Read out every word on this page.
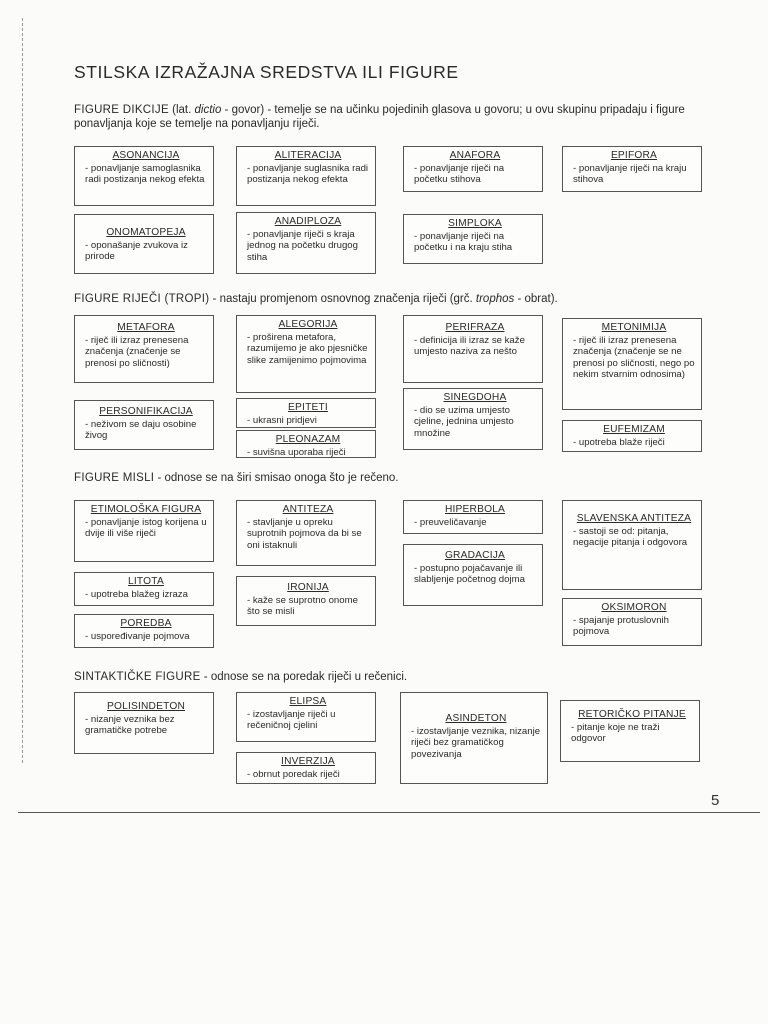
STILSKA IZRAŽAJNA SREDSTVA ILI FIGURE
FIGURE DIKCIJE (lat. dictio - govor) - temelje se na učinku pojedinih glasova u govoru; u ovu skupinu pripadaju i figure ponavljanja koje se temelje na ponavljanju riječi.
ASONANCIJA
- ponavljanje samoglasnika radi postizanja nekog efekta
ALITERACIJA
- ponavljanje suglasnika radi postizanja nekog efekta
ANAFORA
- ponavljanje riječi na početku stihova
EPIFORA
- ponavljanje riječi na kraju stihova
ONOMATOPEJA
- oponašanje zvukova iz prirode
ANADIPLOZA
- ponavljanje riječi s kraja jednog na početku drugog stiha
SIMPLOKA
- ponavljanje riječi na početku i na kraju stiha
FIGURE RIJEČI (TROPI) - nastaju promjenom osnovnog značenja riječi (grč. trophos - obrat).
METAFORA
- riječ ili izraz prenesena značenja (značenje se prenosi po sličnosti)
ALEGORIJA
- proširena metafora, razumijemo je ako pjesničke slike zamijenimo pojmovima
PERIFRAZA
- definicija ili izraz se kaže umjesto naziva za nešto
METONIMIJA
- riječ ili izraz prenesena značenja (značenje se ne prenosi po sličnosti, nego po nekim stvarnim odnosima)
PERSONIFIKACIJA
- neživom se daju osobine živog
EPITETI
- ukrasni pridjevi
PLEONAZAM
- suvišna uporaba riječi
SINEGDOHA
- dio se uzima umjesto cjeline, jednina umjesto množine	EUFEMIZAM
- upotreba blaže riječi
FIGURE MISLI - odnose se na širi smisao onoga što je rečeno.
ETIMOLOŠKA FIGURA
- ponavljanje istog korijena u dvije ili više riječi
ANTITEZA
- stavljanje u opreku suprotnih pojmova da bi se oni istaknuli
HIPERBOLA
- preuveličavanje	SLAVENSKA ANTITEZA
- sastoji se od: pitanja, negacije pitanja i odgovora
GRADACIJA
- postupno pojačavanje ili slabljenje početnog dojma
LITOTA
- upotreba blažeg izraza
IRONIJA
- kaže se suprotno onome što se misli
POREDBA
- uspoređivanje pojmova
OKSIMORON
- spajanje protuslovnih pojmova
SINTAKTIČKE FIGURE - odnose se na poredak riječi u rečenici.
POLISINDETON
- nizanje veznika bez gramatičke potrebe
ELIPSA
- izostavljanje riječi u rečeničnoj cjelini
ASINDETON
- izostavljanje veznika, nizanje riječi bez gramatičkog povezivanja
RETORIČKO PITANJE
- pitanje koje ne traži odgovor
INVERZIJA
- obrnut poredak riječi
5
